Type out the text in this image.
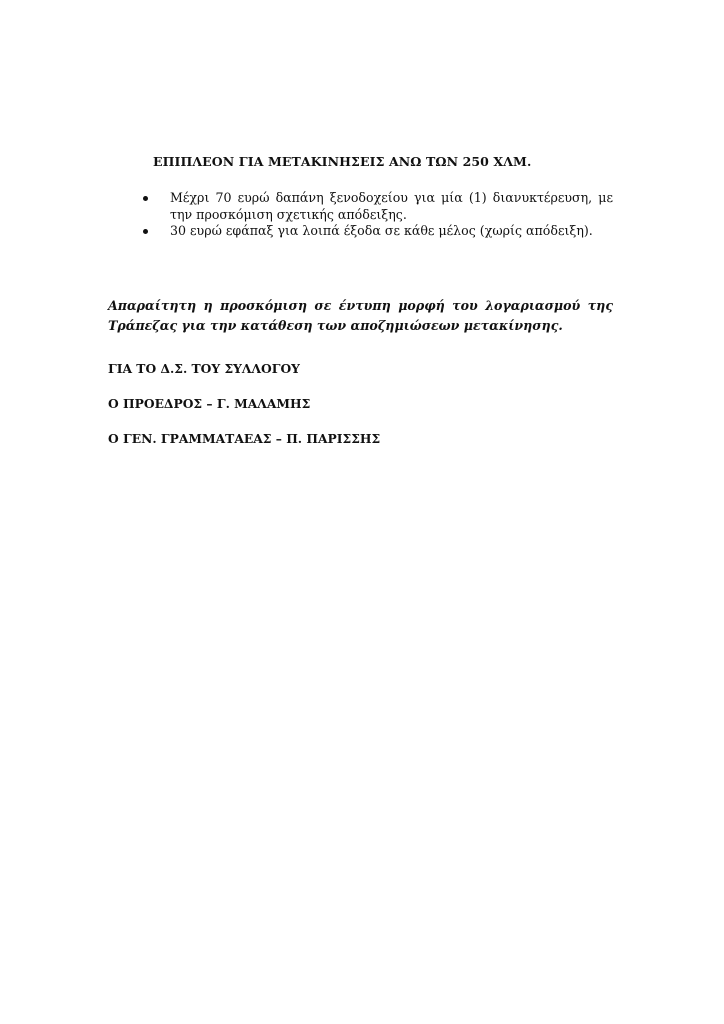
ΕΠΙΠΛΕΟΝ ΓΙΑ ΜΕΤΑΚΙΝΗΣΕΙΣ ΑΝΩ ΤΩΝ 250 ΧΛΜ.
Μέχρι 70 ευρώ δαπάνη ξενοδοχείου για μία (1) διανυκτέρευση, με την προσκόμιση σχετικής απόδειξης.
30 ευρώ εφάπαξ για λοιπά έξοδα σε κάθε μέλος (χωρίς απόδειξη).
Απαραίτητη η προσκόμιση σε έντυπη μορφή του λογαριασμού της Τράπεζας για την κατάθεση των αποζημιώσεων μετακίνησης.
ΓΙΑ ΤΟ Δ.Σ. ΤΟΥ ΣΥΛΛΟΓΟΥ
Ο ΠΡΟΕΔΡΟΣ – Γ. ΜΑΛΑΜΗΣ
Ο ΓΕΝ. ΓΡΑΜΜΑΤΑΕΑΣ – Π. ΠΑΡΙΣΣΗΣ
